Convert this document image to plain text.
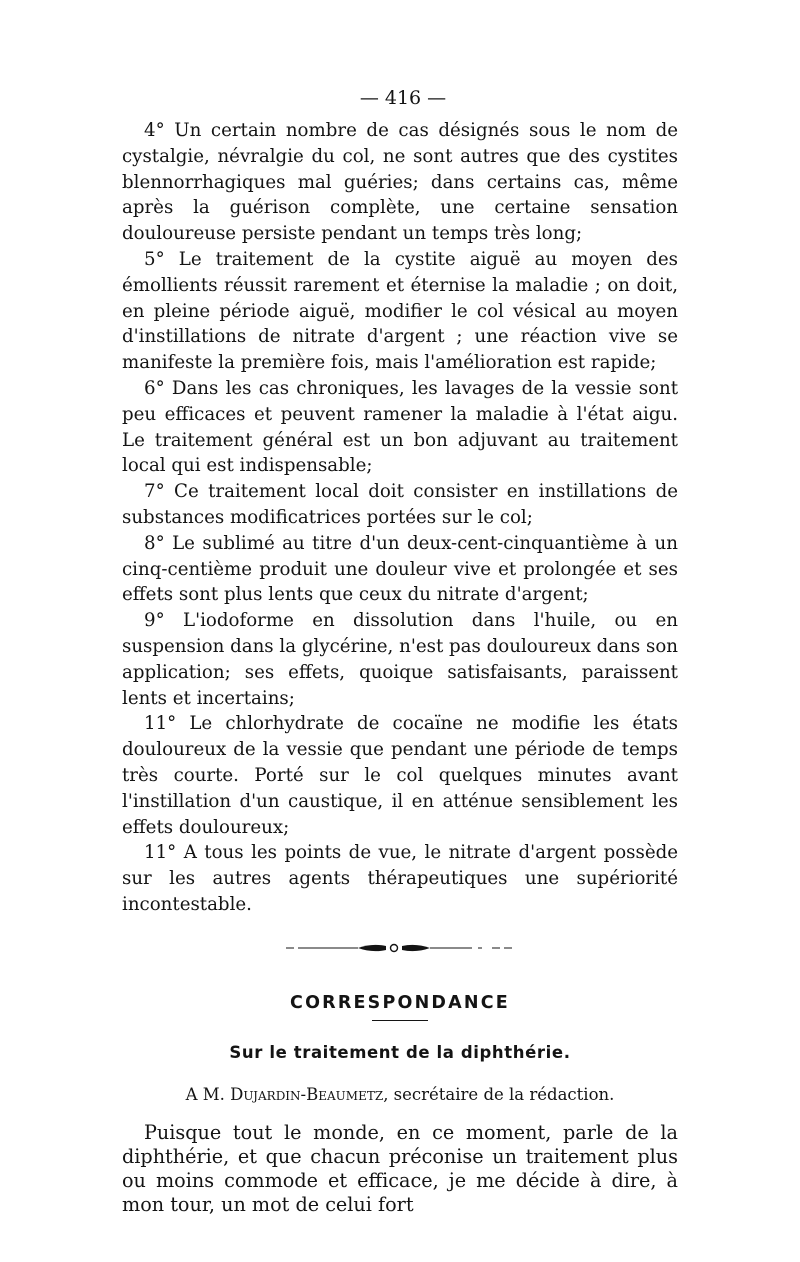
— 416 —

4° Un certain nombre de cas désignés sous le nom de cystalgie, névralgie du col, ne sont autres que des cystites blennorrhagiques mal guéries; dans certains cas, même après la guérison complète, une certaine sensation douloureuse persiste pendant un temps très long;

5° Le traitement de la cystite aiguë au moyen des émollients réussit rarement et éternise la maladie ; on doit, en pleine période aiguë, modifier le col vésical au moyen d'instillations de nitrate d'argent ; une réaction vive se manifeste la première fois, mais l'amélioration est rapide;

6° Dans les cas chroniques, les lavages de la vessie sont peu efficaces et peuvent ramener la maladie à l'état aigu. Le traitement général est un bon adjuvant au traitement local qui est indispensable;

7° Ce traitement local doit consister en instillations de substances modificatrices portées sur le col;

8° Le sublimé au titre d'un deux-cent-cinquantième à un cinq-centième produit une douleur vive et prolongée et ses effets sont plus lents que ceux du nitrate d'argent;

9° L'iodoforme en dissolution dans l'huile, ou en suspension dans la glycérine, n'est pas douloureux dans son application; ses effets, quoique satisfaisants, paraissent lents et incertains;

11° Le chlorhydrate de cocaïne ne modifie les états douloureux de la vessie que pendant une période de temps très courte. Porté sur le col quelques minutes avant l'instillation d'un caustique, il en atténue sensiblement les effets douloureux;

11° A tous les points de vue, le nitrate d'argent possède sur les autres agents thérapeutiques une supériorité incontestable.

CORRESPONDANCE
Sur le traitement de la diphthérie.
A M. Dujardin-Beaumetz, secrétaire de la rédaction.

Puisque tout le monde, en ce moment, parle de la diphthérie, et que chacun préconise un traitement plus ou moins commode et efficace, je me décide à dire, à mon tour, un mot de celui fort
